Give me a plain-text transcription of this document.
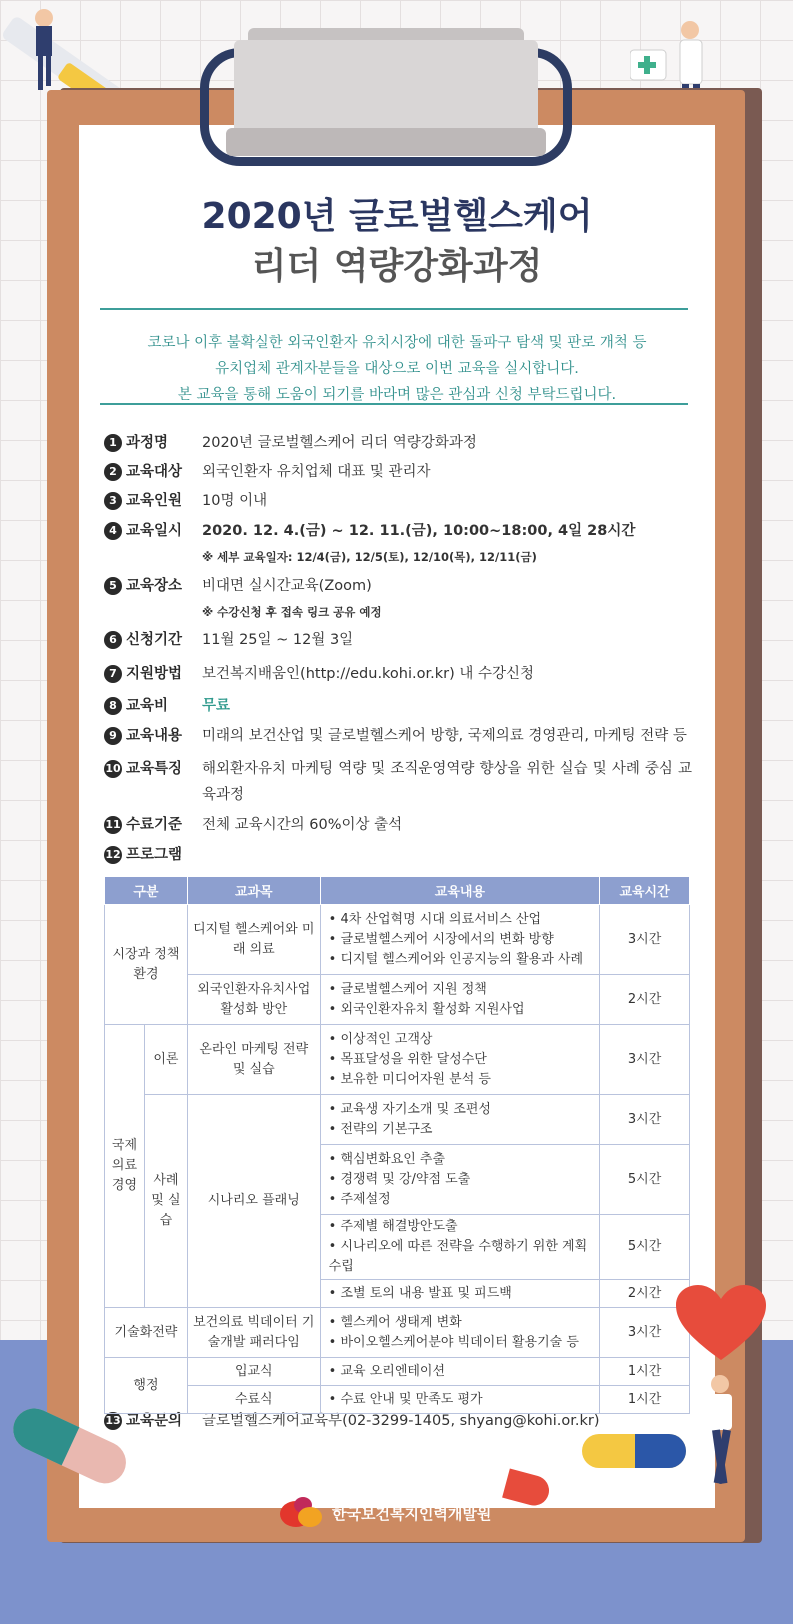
2020년 글로벌헬스케어
리더 역량강화과정
코로나 이후 불확실한 외국인환자 유치시장에 대한 돌파구 탐색 및 판로 개척 등
유치업체 관계자분들을 대상으로 이번 교육을 실시합니다.
본 교육을 통해 도움이 되기를 바라며 많은 관심과 신청 부탁드립니다.
1 과정명 2020년 글로벌헬스케어 리더 역량강화과정
2 교육대상 외국인환자 유치업체 대표 및 관리자
3 교육인원 10명 이내
4 교육일시 2020. 12. 4.(금) ~ 12. 11.(금), 10:00~18:00, 4일 28시간
※ 세부 교육일자: 12/4(금), 12/5(토), 12/10(목), 12/11(금)
5 교육장소 비대면 실시간교육(Zoom)
※ 수강신청 후 접속 링크 공유 예정
6 신청기간 11월 25일 ~ 12월 3일
7 지원방법 보건복지배움인(http://edu.kohi.or.kr) 내 수강신청
8 교육비 무료
9 교육내용 미래의 보건산업 및 글로벌헬스케어 방향, 국제의료 경영관리, 마케팅 전략 등
10 교육특징 해외환자유치 마케팅 역량 및 조직운영역량 향상을 위한 실습 및 사례 중심 교육과정
11 수료기준 전체 교육시간의 60%이상 출석
12 프로그램
13 교육문의 글로벌헬스케어교육부(02-3299-1405, shyang@kohi.or.kr)
구분		교과목	교육내용	교육시간
시장과 정책 환경		디지털 헬스케어와 미래 의료	• 4차 산업혁명 시대 의료서비스 산업
• 글로벌헬스케어 시장에서의 변화 방향
• 디지털 헬스케어와 인공지능의 활용과 사례	3시간
		외국인환자유치사업 활성화 방안	• 글로벌헬스케어 지원 정책
• 외국인환자유치 활성화 지원사업	2시간
국제 의료 경영	이론	온라인 마케팅 전략 및 실습	• 이상적인 고객상
• 목표달성을 위한 달성수단
• 보유한 미디어자원 분석 등	3시간
	사례 및 실습	시나리오 플래닝	• 교육생 자기소개 및 조편성
• 전략의 기본구조	3시간

			• 핵심변화요인 추출
• 경쟁력 및 강/약점 도출
• 주제설정	5시간

			• 주제별 해결방안도출
• 시나리오에 따른 전략을 수행하기 위한 계획 수립	5시간

			• 조별 토의 내용 발표 및 피드백	2시간
기술화전략		보건의료 빅데이터 기술개발 패러다임	• 헬스케어 생태계 변화
• 바이오헬스케어분야 빅데이터 활용기술 등	3시간
행정		입교식	• 교육 오리엔테이션	1시간
		수료식	• 수료 안내 및 만족도 평가	1시간
한국보건복지인력개발원
